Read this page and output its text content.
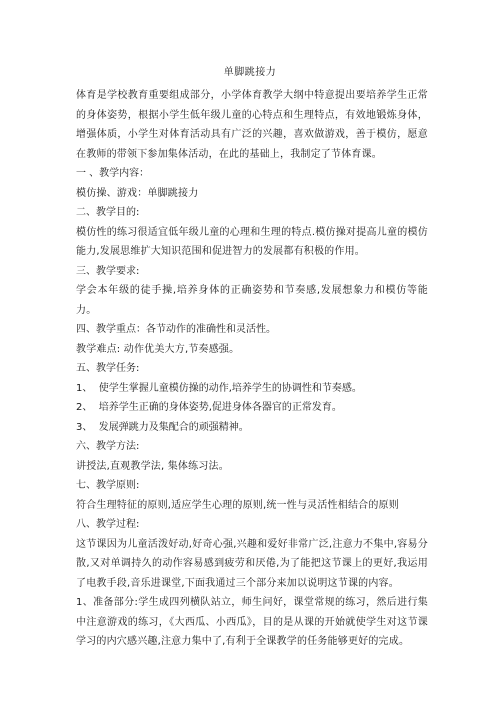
单脚跳接力

体育是学校教育重要组成部分，小学体育教学大纲中特意提出要培养学生正常的身体姿势，根据小学生低年级儿童的心特点和生理特点，有效地锻炼身体，增强体质，小学生对体育活动具有广泛的兴趣，喜欢做游戏，善于模仿，愿意在教师的带领下参加集体活动，在此的基础上，我制定了节体育课。

一 、教学内容：

模仿操、游戏：单脚跳接力

二、教学目的:

模仿性的练习很适宜低年级儿童的心理和生理的特点.模仿操对提高儿童的模仿能力,发展思维扩大知识范围和促进智力的发展都有积极的作用。

三、教学要求:

学会本年级的徒手操,培养身体的正确姿势和节奏感,发展想象力和模仿等能力。

四、教学重点：各节动作的准确性和灵活性。

教学难点: 动作优美大方,节奏感强。

五、教学任务:

1、  使学生掌握儿童模仿操的动作,培养学生的协调性和节奏感。

2、  培养学生正确的身体姿势,促进身体各器官的正常发育。

3、  发展弹跳力及集配合的顽强精神。

六、教学方法:

讲授法,直观教学法, 集体练习法。

七、教学原则:

符合生理特征的原则,适应学生心理的原则,统一性与灵活性相结合的原则

八、教学过程:

这节课因为儿童活泼好动,好奇心强,兴趣和爱好非常广泛,注意力不集中,容易分散,又对单调持久的动作容易感到疲劳和厌倦,为了能把这节课上的更好,我运用了电教手段,音乐进课堂,下面我通过三个部分来加以说明这节课的内容。

1、准备部分:学生成四列横队站立，师生问好，课堂常规的练习，然后进行集中注意游戏的练习，《大西瓜、小西瓜》，目的是从课的开始就使学生对这节课学习的内穴感兴趣,注意力集中了,有利于全课教学的任务能够更好的完成。
